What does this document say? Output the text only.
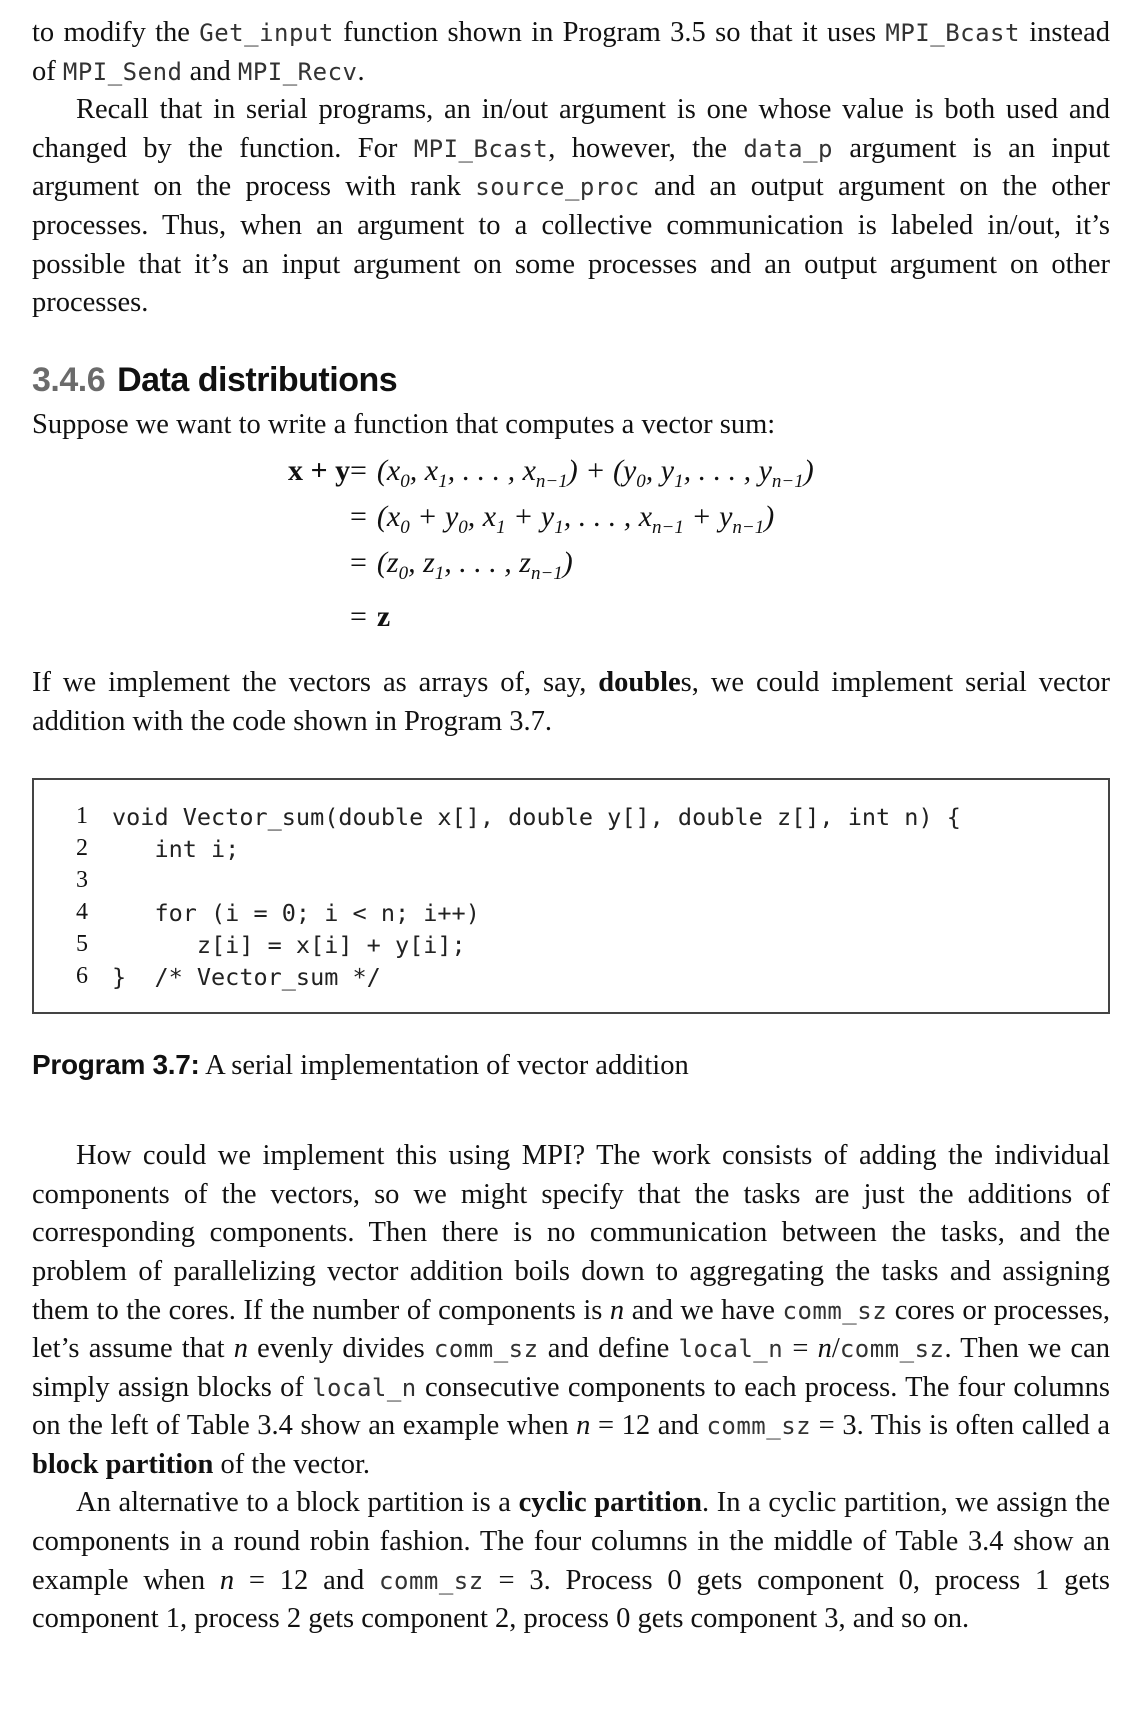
to modify the Get_input function shown in Program 3.5 so that it uses MPI_Bcast instead of MPI_Send and MPI_Recv.

Recall that in serial programs, an in/out argument is one whose value is both used and changed by the function. For MPI_Bcast, however, the data_p argument is an input argument on the process with rank source_proc and an output argument on the other processes. Thus, when an argument to a collective communication is labeled in/out, it’s possible that it’s an input argument on some processes and an output argument on other processes.

3.4.6 Data distributions

Suppose we want to write a function that computes a vector sum:

$x + y = (x_0$, $x_1$, . . . , $x_{n-1}) + (y_0$, $y_1$, . . . , $y_{n-1}$)
= ($x_0 + y_0$, $x_1 + y_1$, . . . , $x_{n-1} + y_{n-1}$)
= ($z_0$, $z_1$, . . . , $z_{n-1}$)
= z

If we implement the vectors as arrays of, say, doubles, we could implement serial vector addition with the code shown in Program 3.7.

1 void Vector_sum(double x[], double y[], double z[], int n) {
2 int i;
3
4 for (i = 0; i < n; i++)
5 z[i] = x[i] + y[i];
6 }  /* Vector_sum */

Program 3.7: A serial implementation of vector addition

How could we implement this using MPI? The work consists of adding the individual components of the vectors, so we might specify that the tasks are just the additions of corresponding components. Then there is no communication between the tasks, and the problem of parallelizing vector addition boils down to aggregating the tasks and assigning them to the cores. If the number of components is n and we have comm_sz cores or processes, let’s assume that n evenly divides comm_sz and define local_n = n/comm_sz. Then we can simply assign blocks of local_n consecutive components to each process. The four columns on the left of Table 3.4 show an example when n = 12 and comm_sz = 3. This is often called a block partition of the vector.

An alternative to a block partition is a cyclic partition. In a cyclic partition, we assign the components in a round robin fashion. The four columns in the middle of Table 3.4 show an example when n = 12 and comm_sz = 3. Process 0 gets component 0, process 1 gets component 1, process 2 gets component 2, process 0 gets component 3, and so on.
